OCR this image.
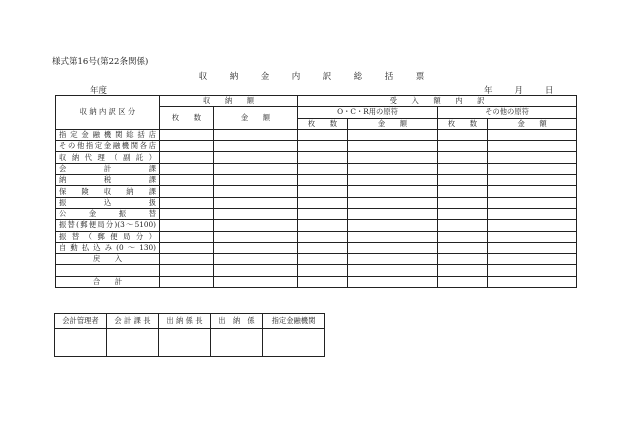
様式第16号(第22条関係)
収　納　金　内　訳　総　括　票
年度	年	月	日
収 納 内 訳 区 分	収　　納　　額		受　　入　　額　　内　　訳			
	枚　　数	金　　額	O・C・R用の原符		その他の原符	
			枚　　数	金　　額	枚　　数	金　　額
指定金融機関総括店						
その他指定金融機関各店						
収納代理（副託）						
会計課						
納税課						
保険収納課						
振込扱						
公金振替						
振替(郵便局分)(3〜5100)						
振替（郵便局分）						
自動払込み(0〜130)						
戻　　入						

合　　計						
会計管理者	会 計 課 長	出 納 係 長	出　納　係	指定金融機関
